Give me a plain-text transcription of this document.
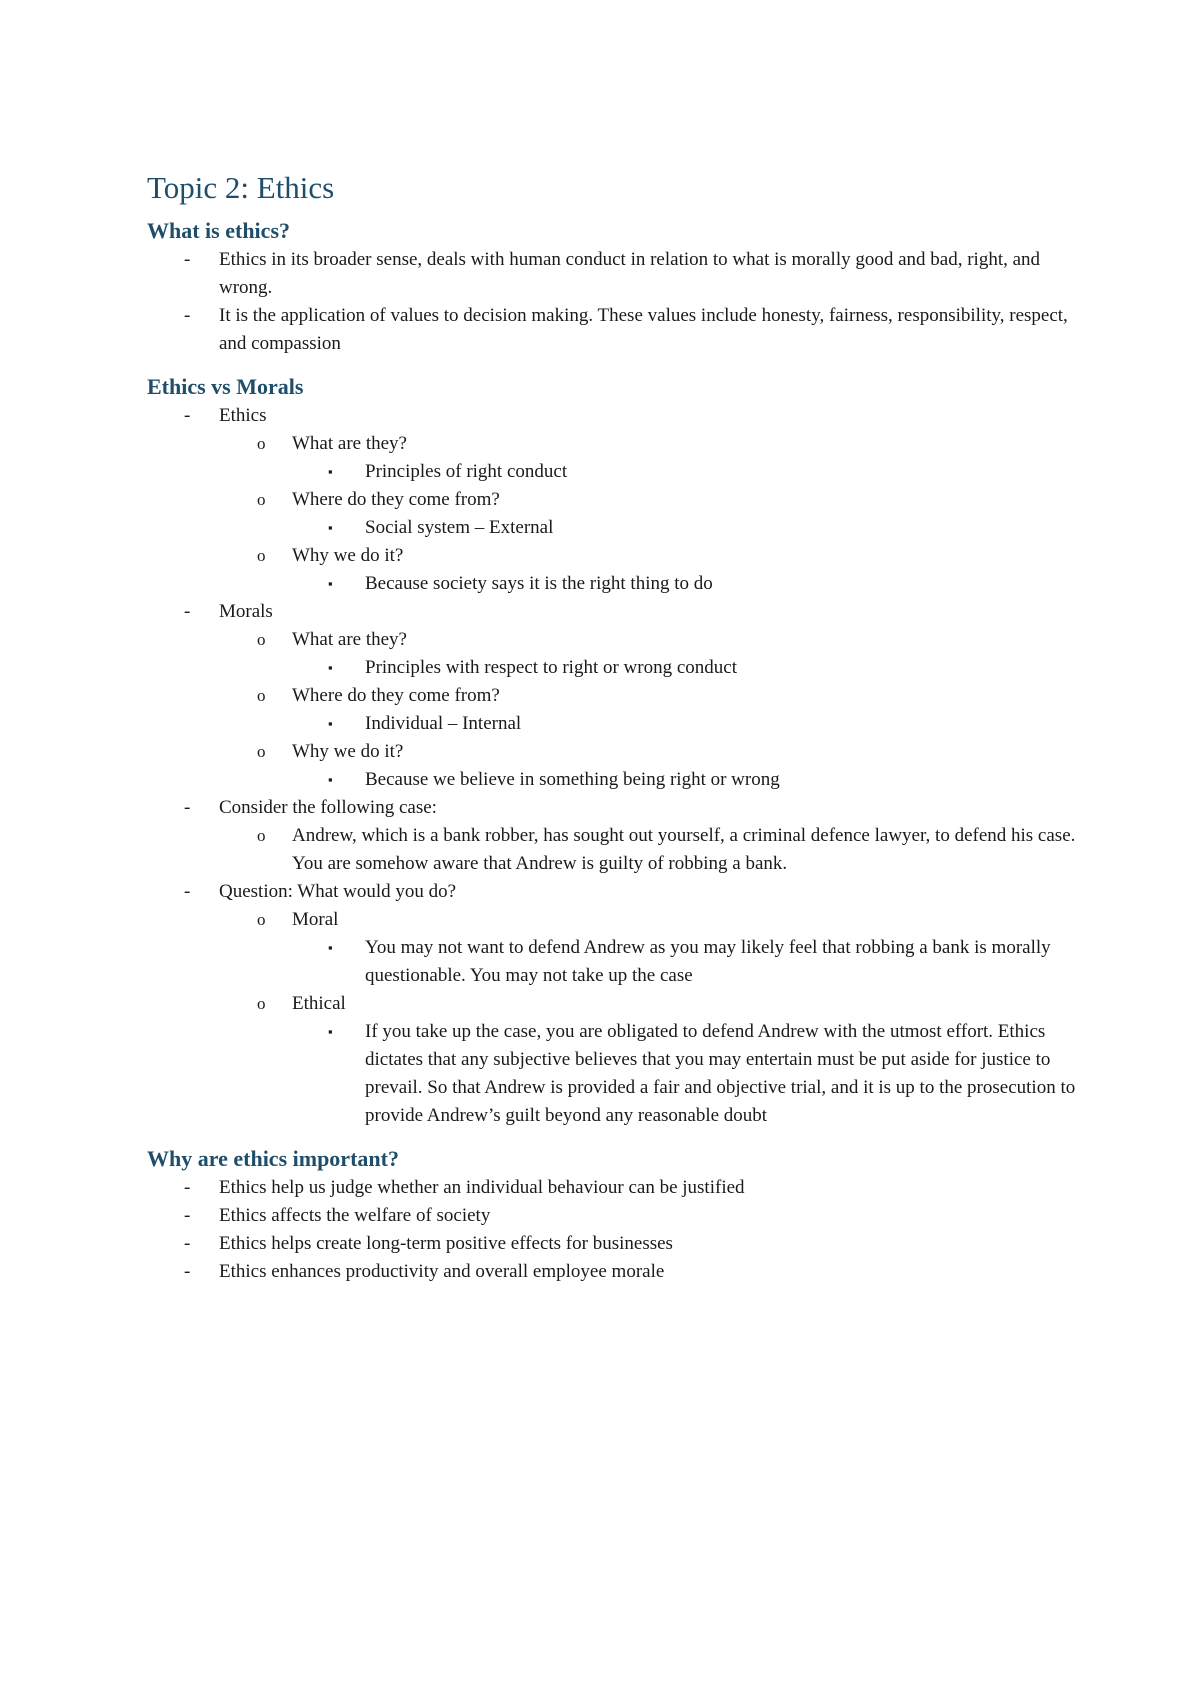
Topic 2: Ethics
What is ethics?
- Ethics in its broader sense, deals with human conduct in relation to what is morally good and bad, right, and wrong.
- It is the application of values to decision making. These values include honesty, fairness, responsibility, respect, and compassion
Ethics vs Morals
- Ethics
o What are they?
▪ Principles of right conduct
o Where do they come from?
▪ Social system – External
o Why we do it?
▪ Because society says it is the right thing to do
- Morals
o What are they?
▪ Principles with respect to right or wrong conduct
o Where do they come from?
▪ Individual – Internal
o Why we do it?
▪ Because we believe in something being right or wrong
- Consider the following case:
o Andrew, which is a bank robber, has sought out yourself, a criminal defence lawyer, to defend his case. You are somehow aware that Andrew is guilty of robbing a bank.
- Question: What would you do?
o Moral
▪ You may not want to defend Andrew as you may likely feel that robbing a bank is morally questionable. You may not take up the case
o Ethical
▪ If you take up the case, you are obligated to defend Andrew with the utmost effort. Ethics dictates that any subjective believes that you may entertain must be put aside for justice to prevail. So that Andrew is provided a fair and objective trial, and it is up to the prosecution to provide Andrew’s guilt beyond any reasonable doubt
Why are ethics important?
- Ethics help us judge whether an individual behaviour can be justified
- Ethics affects the welfare of society
- Ethics helps create long-term positive effects for businesses
- Ethics enhances productivity and overall employee morale
